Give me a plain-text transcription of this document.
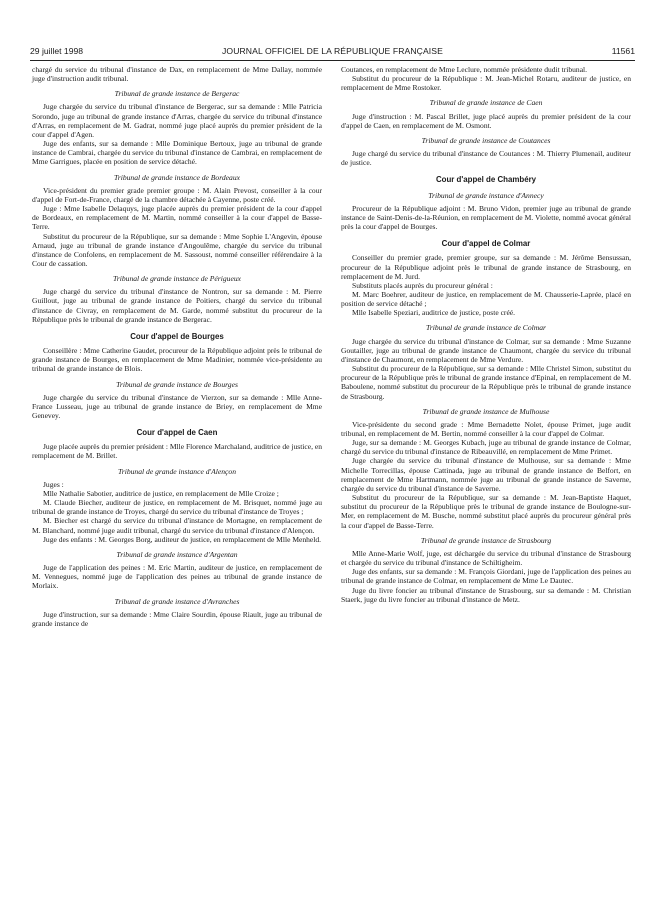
29 juillet 1998	JOURNAL OFFICIEL DE LA RÉPUBLIQUE FRANÇAISE	11561

chargé du service du tribunal d'instance de Dax, en remplacement de Mme Dallay, nommée juge d'instruction audit tribunal.

Tribunal de grande instance de Bergerac

Juge chargée du service du tribunal d'instance de Bergerac, sur sa demande : Mlle Patricia Sorondo, juge au tribunal de grande instance d'Arras, chargée du service du tribunal d'instance d'Arras, en remplacement de M. Gadrat, nommé juge placé auprès du premier président de la cour d'appel d'Agen.

Juge des enfants, sur sa demande : Mlle Dominique Bertoux, juge au tribunal de grande instance de Cambrai, chargée du service du tribunal d'instance de Cambrai, en remplacement de Mme Garrigues, placée en position de service détaché.

Tribunal de grande instance de Bordeaux

Vice-président du premier grade premier groupe : M. Alain Prevost, conseiller à la cour d'appel de Fort-de-France, chargé de la chambre détachée à Cayenne, poste créé.

Juge : Mme Isabelle Delaquys, juge placée auprès du premier président de la cour d'appel de Bordeaux, en remplacement de M. Martin, nommé conseiller à la cour d'appel de Basse-Terre.

Substitut du procureur de la République, sur sa demande : Mme Sophie L'Angevin, épouse Arnaud, juge au tribunal de grande instance d'Angoulême, chargée du service du tribunal d'instance de Confolens, en remplacement de M. Sassoust, nommé conseiller référendaire à la Cour de cassation.

Tribunal de grande instance de Périgueux

Juge chargé du service du tribunal d'instance de Nontron, sur sa demande : M. Pierre Guillout, juge au tribunal de grande instance de Poitiers, chargé du service du tribunal d'instance de Civray, en remplacement de M. Garde, nommé substitut du procureur de la République près le tribunal de grande instance de Bergerac.

Cour d'appel de Bourges

Conseillère : Mme Catherine Gaudet, procureur de la République adjoint près le tribunal de grande instance de Bourges, en remplacement de Mme Madinier, nommée vice-présidente au tribunal de grande instance de Blois.

Tribunal de grande instance de Bourges

Juge chargée du service du tribunal d'instance de Vierzon, sur sa demande : Mlle Anne-France Lusseau, juge au tribunal de grande instance de Briey, en remplacement de Mme Genevey.

Cour d'appel de Caen

Juge placée auprès du premier président : Mlle Florence Marchaland, auditrice de justice, en remplacement de M. Brillet.

Tribunal de grande instance d'Alençon

Juges :

Mlle Nathalie Sabotier, auditrice de justice, en remplacement de Mlle Croize ;

M. Claude Biecher, auditeur de justice, en remplacement de M. Brisquet, nommé juge au tribunal de grande instance de Troyes, chargé du service du tribunal d'instance de Troyes ;

M. Biecher est chargé du service du tribunal d'instance de Mortagne, en remplacement de M. Blanchard, nommé juge audit tribunal, chargé du service du tribunal d'instance d'Alençon.

Juge des enfants : M. Georges Borg, auditeur de justice, en remplacement de Mlle Menheld.

Tribunal de grande instance d'Argentan

Juge de l'application des peines : M. Eric Martin, auditeur de justice, en remplacement de M. Vennegues, nommé juge de l'application des peines au tribunal de grande instance de Morlaix.

Tribunal de grande instance d'Avranches

Juge d'instruction, sur sa demande : Mme Claire Sourdin, épouse Riault, juge au tribunal de grande instance de

Coutances, en remplacement de Mme Leclure, nommée présidente dudit tribunal.

Substitut du procureur de la République : M. Jean-Michel Rotaru, auditeur de justice, en remplacement de Mme Rostoker.

Tribunal de grande instance de Caen

Juge d'instruction : M. Pascal Brillet, juge placé auprès du premier président de la cour d'appel de Caen, en remplacement de M. Osmont.

Tribunal de grande instance de Coutances

Juge chargé du service du tribunal d'instance de Coutances : M. Thierry Plumenail, auditeur de justice.

Cour d'appel de Chambéry
Tribunal de grande instance d'Annecy

Procureur de la République adjoint : M. Bruno Vidon, premier juge au tribunal de grande instance de Saint-Denis-de-la-Réunion, en remplacement de M. Violette, nommé avocat général près la cour d'appel de Bourges.

Cour d'appel de Colmar

Conseiller du premier grade, premier groupe, sur sa demande : M. Jérôme Bensussan, procureur de la République adjoint près le tribunal de grande instance de Strasbourg, en remplacement de M. Jurd.

Substituts placés auprès du procureur général :

M. Marc Boehrer, auditeur de justice, en remplacement de M. Chausserie-Laprée, placé en position de service détaché ;

Mlle Isabelle Speziari, auditrice de justice, poste créé.

Tribunal de grande instance de Colmar

Juge chargée du service du tribunal d'instance de Colmar, sur sa demande : Mme Suzanne Goutailler, juge au tribunal de grande instance de Chaumont, chargée du service du tribunal d'instance de Chaumont, en remplacement de Mme Verdure.

Substitut du procureur de la République, sur sa demande : Mlle Christel Simon, substitut du procureur de la République près le tribunal de grande instance d'Epinal, en remplacement de M. Baboulene, nommé substitut du procureur de la République près le tribunal de grande instance de Strasbourg.

Tribunal de grande instance de Mulhouse

Vice-présidente du second grade : Mme Bernadette Nolet, épouse Primet, juge audit tribunal, en remplacement de M. Bertin, nommé conseiller à la cour d'appel de Colmar.

Juge, sur sa demande : M. Georges Kubach, juge au tribunal de grande instance de Colmar, chargé du service du tribunal d'instance de Ribeauvillé, en remplacement de Mme Primet.

Juge chargée du service du tribunal d'instance de Mulhouse, sur sa demande : Mme Michelle Torrecillas, épouse Cattinada, juge au tribunal de grande instance de Belfort, en remplacement de Mme Hartmann, nommée juge au tribunal de grande instance de Saverne, chargée du service du tribunal d'instance de Saverne.

Substitut du procureur de la République, sur sa demande : M. Jean-Baptiste Haquet, substitut du procureur de la République près le tribunal de grande instance de Boulogne-sur-Mer, en remplacement de M. Busche, nommé substitut placé auprès du procureur général près la cour d'appel de Basse-Terre.

Tribunal de grande instance de Strasbourg

Mlle Anne-Marie Wolf, juge, est déchargée du service du tribunal d'instance de Strasbourg et chargée du service du tribunal d'instance de Schiltigheim.

Juge des enfants, sur sa demande : M. François Giordani, juge de l'application des peines au tribunal de grande instance de Colmar, en remplacement de Mme Le Dauteс.

Juge du livre foncier au tribunal d'instance de Strasbourg, sur sa demande : M. Christian Staerk, juge du livre foncier au tribunal d'instance de Metz.
